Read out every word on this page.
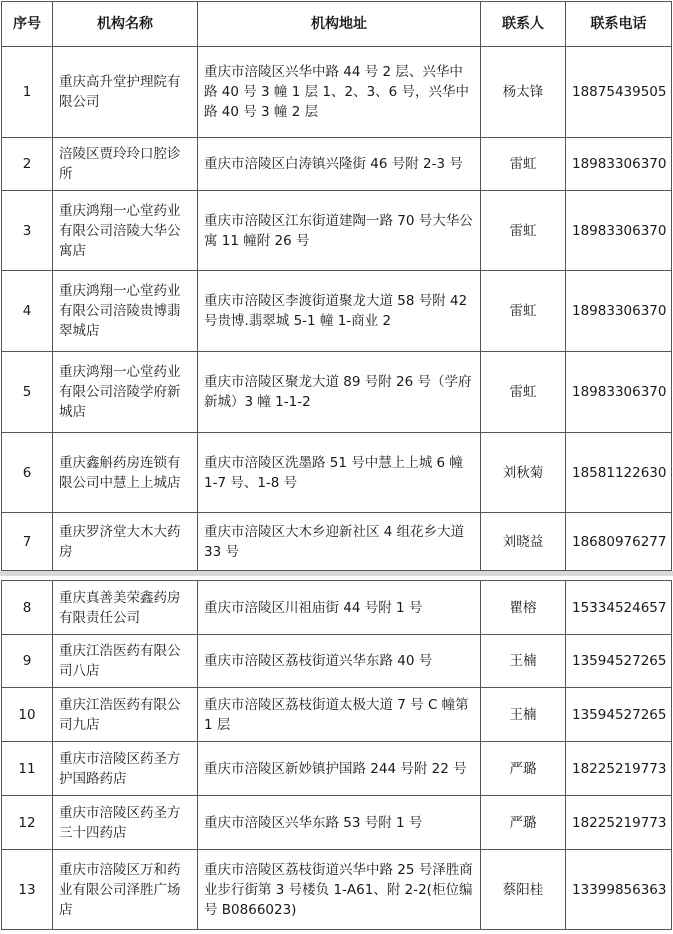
序号	机构名称	机构地址	联系人	联系电话
1	重庆高升堂护理院有限公司	重庆市涪陵区兴华中路 44 号 2 层、兴华中路 40 号 3 幢 1 层 1、2、3、6 号，兴华中路 40 号 3 幢 2 层	杨太锋	18875439505
2	涪陵区贾玲玲口腔诊所	重庆市涪陵区白涛镇兴隆街 46 号附 2-3 号	雷虹	18983306370
3	重庆鸿翔一心堂药业有限公司涪陵大华公寓店	重庆市涪陵区江东街道建陶一路 70 号大华公寓 11 幢附 26 号	雷虹	18983306370
4	重庆鸿翔一心堂药业有限公司涪陵贵博翡翠城店	重庆市涪陵区李渡街道聚龙大道 58 号附 42 号贵博.翡翠城 5-1 幢 1-商业 2	雷虹	18983306370
5	重庆鸿翔一心堂药业有限公司涪陵学府新城店	重庆市涪陵区聚龙大道 89 号附 26 号（学府新城）3 幢 1-1-2	雷虹	18983306370
6	重庆鑫斛药房连锁有限公司中慧上上城店	重庆市涪陵区洗墨路 51 号中慧上上城 6 幢 1-7 号、1-8 号	刘秋菊	18581122630
7	重庆罗济堂大木大药房	重庆市涪陵区大木乡迎新社区 4 组花乡大道 33 号	刘晓益	18680976277
8	重庆真善美荣鑫药房有限责任公司	重庆市涪陵区川祖庙街 44 号附 1 号	瞿榕	15334524657
9	重庆江浩医药有限公司八店	重庆市涪陵区荔枝街道兴华东路 40 号	王楠	13594527265
10	重庆江浩医药有限公司九店	重庆市涪陵区荔枝街道太极大道 7 号 C 幢第 1 层	王楠	13594527265
11	重庆市涪陵区药圣方护国路药店	重庆市涪陵区新妙镇护国路 244 号附 22 号	严璐	18225219773
12	重庆市涪陵区药圣方三十四药店	重庆市涪陵区兴华东路 53 号附 1 号	严璐	18225219773
13	重庆市涪陵区万和药业有限公司泽胜广场店	重庆市涪陵区荔枝街道兴华中路 25 号泽胜商业步行街第 3 号楼负 1-A61、附 2-2(柜位编号 B0866023)	蔡阳桂	13399856363
